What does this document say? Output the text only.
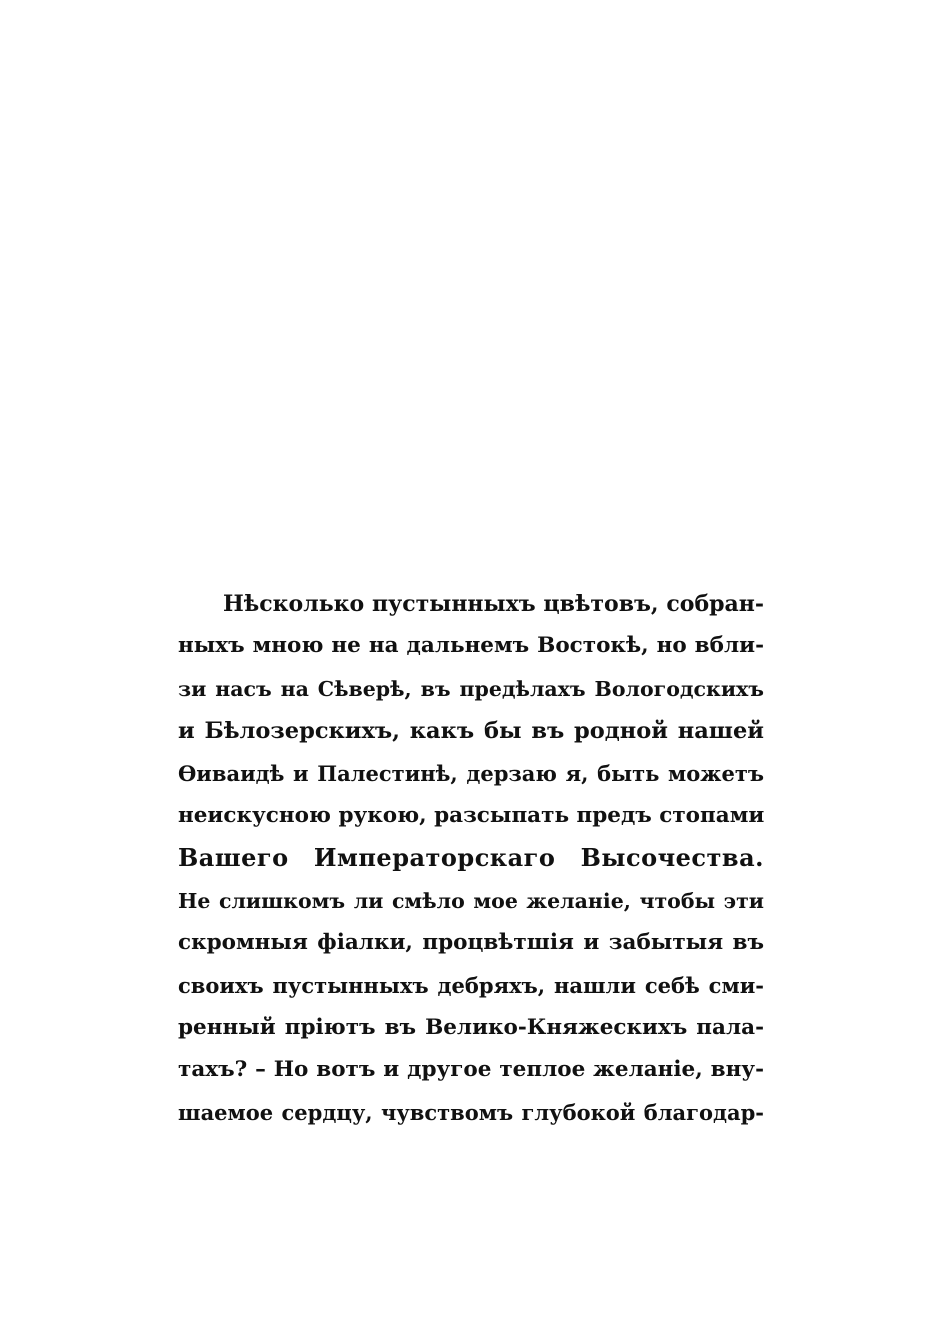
Нѣсколько пустынныхъ цвѣтовъ, собран-
ныхъ мною не на дальнемъ Востокѣ, но вбли-
зи насъ на Сѣверѣ, въ предѣлахъ Вологодскихъ
и Бѣлозерскихъ, какъ бы въ родной нашей
Ѳиваидѣ и Палестинѣ, дерзаю я, быть можетъ
неискусною рукою, разсыпать предъ стопами
Вашего Императорскаго Высочества.
Не слишкомъ ли смѣло мое желаніе, чтобы эти
скромныя фіалки, процвѣтшія и забытыя въ
своихъ пустынныхъ дебряхъ, нашли себѣ сми-
ренный пріютъ въ Велико-Княжескихъ пала-
тахъ? – Но вотъ и другое теплое желаніе, вну-
шаемое сердцу, чувствомъ глубокой благодар-
